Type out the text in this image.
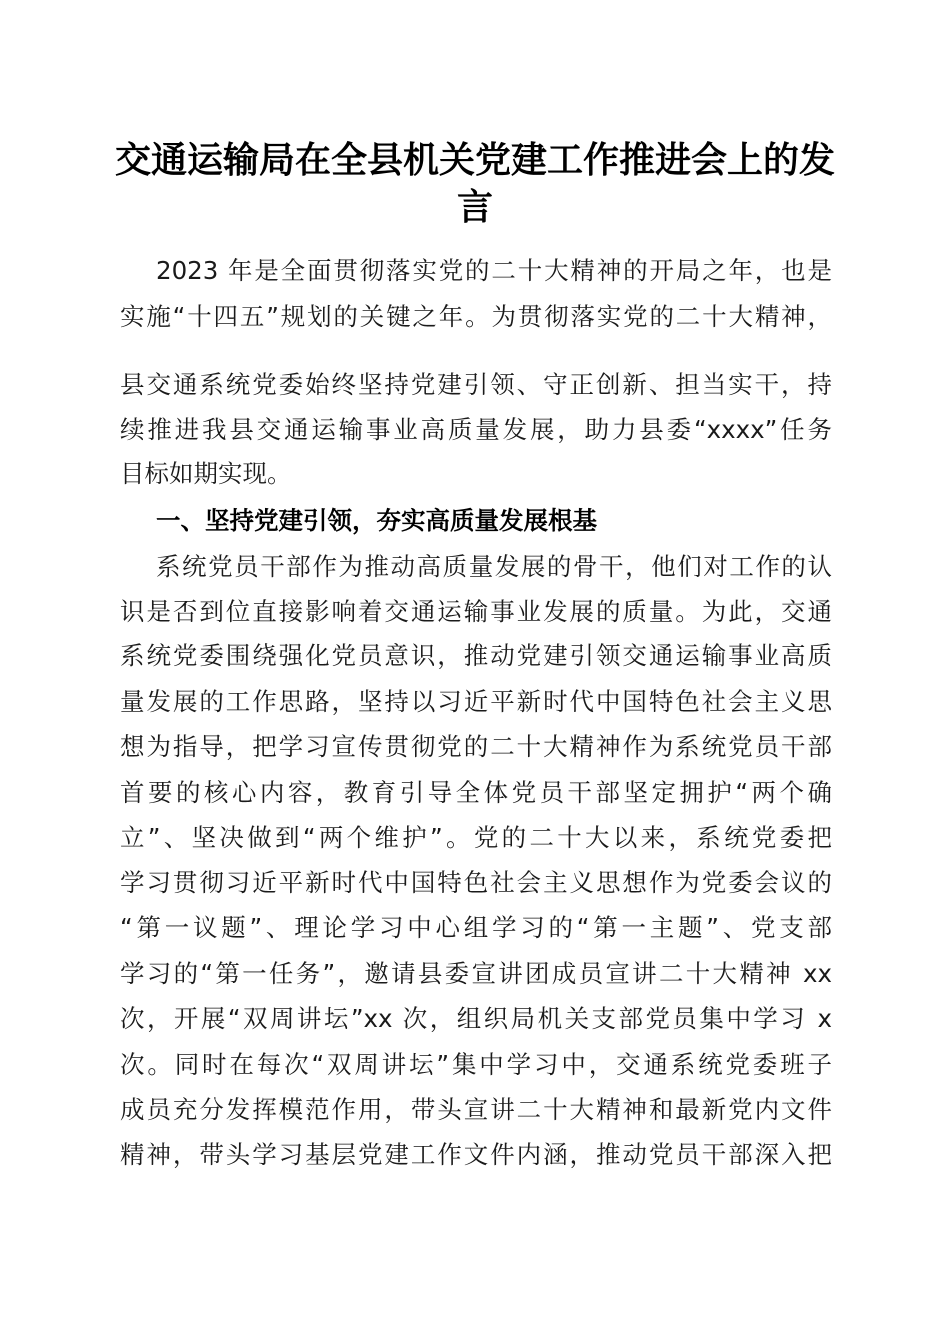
交通运输局在全县机关党建工作推进会上的发
言
2023 年是全面贯彻落实党的二十大精神的开局之年，也是
实施“十四五”规划的关键之年。为贯彻落实党的二十大精神，
县交通系统党委始终坚持党建引领、守正创新、担当实干，持
续推进我县交通运输事业高质量发展，助力县委“xxxx”任务
目标如期实现。
一、坚持党建引领，夯实高质量发展根基
系统党员干部作为推动高质量发展的骨干，他们对工作的认
识是否到位直接影响着交通运输事业发展的质量。为此，交通
系统党委围绕强化党员意识，推动党建引领交通运输事业高质
量发展的工作思路，坚持以习近平新时代中国特色社会主义思
想为指导，把学习宣传贯彻党的二十大精神作为系统党员干部
首要的核心内容，教育引导全体党员干部坚定拥护“两个确
立”、坚决做到“两个维护”。党的二十大以来，系统党委把
学习贯彻习近平新时代中国特色社会主义思想作为党委会议的
“第一议题”、理论学习中心组学习的“第一主题”、党支部
学习的“第一任务”，邀请县委宣讲团成员宣讲二十大精神 xx
次，开展“双周讲坛”xx 次，组织局机关支部党员集中学习 x
次。同时在每次“双周讲坛”集中学习中，交通系统党委班子
成员充分发挥模范作用，带头宣讲二十大精神和最新党内文件
精神，带头学习基层党建工作文件内涵，推动党员干部深入把
